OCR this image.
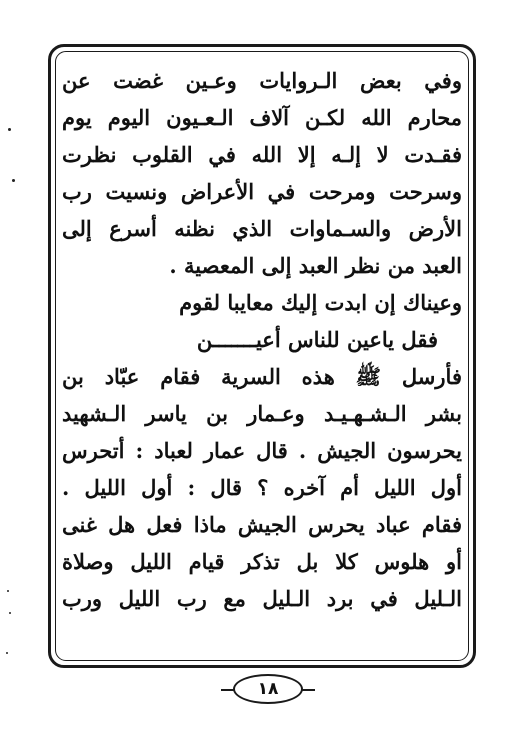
وفي بعض الـروايات وعـين غضت عن
محارم الله لكـن آلاف الـعـيون اليوم يوم
فقـدت لا إلـه إلا الله في القلوب نظرت
وسرحت ومرحت في الأعراض ونسيت رب
الأرض والسـماوات الذي نظنه أسرع إلى
العبد من نظر العبد إلى المعصية .
وعيناك إن ابدت إليك معايبا لقوم
فقل ياعين للناس أعيـــــــن
فأرسل ﷺ هذه السرية فقام عبّاد بن
بشر الـشـهـيـد وعـمار بن ياسر الـشهيد
يحرسون الجيش . قال عمار لعباد : أتحرس
أول الليل أم آخره ؟ قال : أول الليل .
فقام عباد يحرس الجيش ماذا فعل هل غنى
أو هلوس كلا بل تذكر قيام الليل وصلاة
الـليل في برد الـليل مع رب الليل ورب
١٨
